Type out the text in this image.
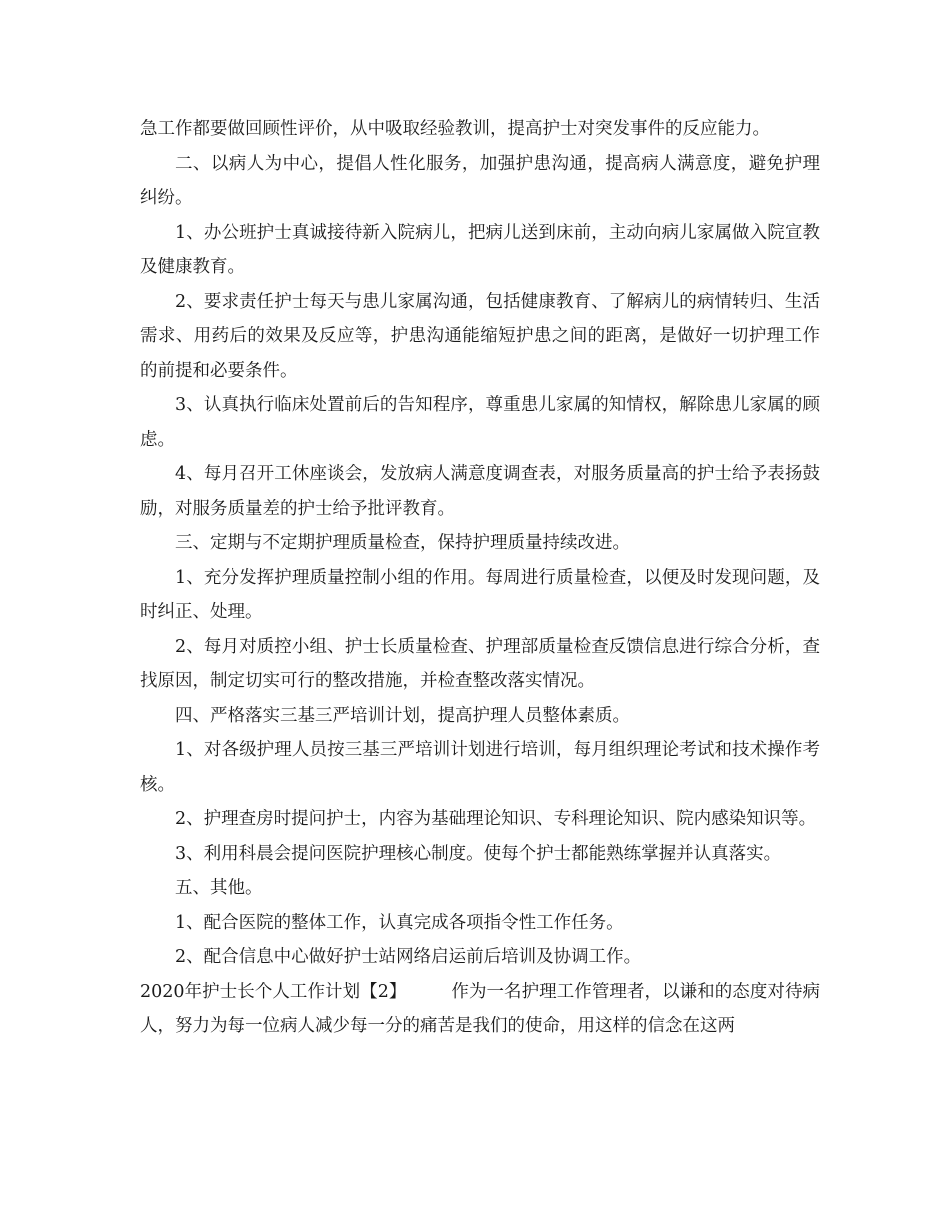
急工作都要做回顾性评价，从中吸取经验教训，提高护士对突发事件的反应能力。

二、以病人为中心，提倡人性化服务，加强护患沟通，提高病人满意度，避免护理纠纷。

1、办公班护士真诚接待新入院病儿，把病儿送到床前，主动向病儿家属做入院宣教及健康教育。

2、要求责任护士每天与患儿家属沟通，包括健康教育、了解病儿的病情转归、生活需求、用药后的效果及反应等，护患沟通能缩短护患之间的距离，是做好一切护理工作的前提和必要条件。

3、认真执行临床处置前后的告知程序，尊重患儿家属的知情权，解除患儿家属的顾虑。

4、每月召开工休座谈会，发放病人满意度调查表，对服务质量高的护士给予表扬鼓励，对服务质量差的护士给予批评教育。

三、定期与不定期护理质量检查，保持护理质量持续改进。

1、充分发挥护理质量控制小组的作用。每周进行质量检查，以便及时发现问题，及时纠正、处理。

2、每月对质控小组、护士长质量检查、护理部质量检查反馈信息进行综合分析，查找原因，制定切实可行的整改措施，并检查整改落实情况。

四、严格落实三基三严培训计划，提高护理人员整体素质。

1、对各级护理人员按三基三严培训计划进行培训，每月组织理论考试和技术操作考核。

2、护理查房时提问护士，内容为基础理论知识、专科理论知识、院内感染知识等。

3、利用科晨会提问医院护理核心制度。使每个护士都能熟练掌握并认真落实。

五、其他。

1、配合医院的整体工作，认真完成各项指令性工作任务。

2、配合信息中心做好护士站网络启运前后培训及协调工作。

2020年护士长个人工作计划【2】        作为一名护理工作管理者，以谦和的态度对待病人，努力为每一位病人减少每一分的痛苦是我们的使命，用这样的信念在这两
